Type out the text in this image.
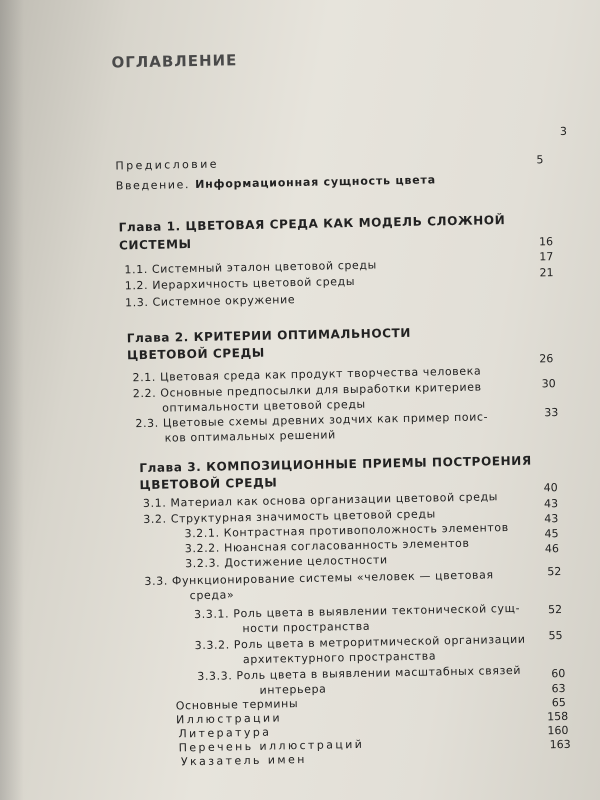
ОГЛАВЛЕНИЕ
3
Предисловие	5
Введение. Информационная сущность цвета
Глава 1. ЦВЕТОВАЯ СРЕДА КАК МОДЕЛЬ СЛОЖНОЙ
СИСТЕМЫ	16
1.1. Системный эталон цветовой среды
17
1.2. Иерархичность цветовой среды
21
1.3. Системное окружение
Глава 2. КРИТЕРИИ ОПТИМАЛЬНОСТИ
ЦВЕТОВОЙ СРЕДЫ
2.1. Цветовая среда как продукт творчества человека
26
2.2. Основные предпосылки для выработки критериев
оптимальности цветовой среды
30
2.3. Цветовые схемы древних зодчих как пример поис-
ков оптимальных решений
33
Глава 3. КОМПОЗИЦИОННЫЕ ПРИЕМЫ ПОСТРОЕНИЯ
ЦВЕТОВОЙ СРЕДЫ
3.1. Материал как основа организации цветовой среды
40
3.2. Структурная значимость цветовой среды
43
3.2.1. Контрастная противоположность элементов
43
3.2.2. Нюансная согласованность элементов
45
3.2.3. Достижение целостности
46
3.3. Функционирование системы «человек — цветовая
среда»
52
3.3.1. Роль цвета в выявлении тектонической сущ-
ности пространства
52
3.3.2. Роль цвета в метроритмической организации
архитектурного пространства
55
3.3.3. Роль цвета в выявлении масштабных связей
интерьера
60
Основные термины
63
Иллюстрации
65
Литература
158
Перечень иллюстраций
160
Указатель имен
163
